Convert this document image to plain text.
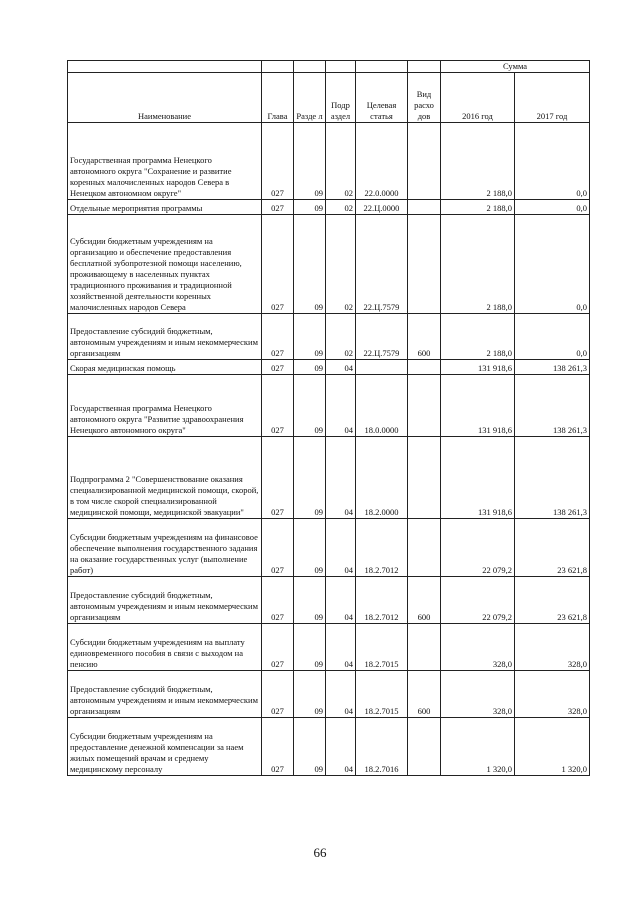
						Сумма	
Наименование	Глава	Разде л	Подр аздел	Целевая статья	Вид расхо дов	2016 год	2017 год
Государственная программа Ненецкого автономного округа "Сохранение и развитие коренных малочисленных народов Севера в Ненецком автономном округе"	027	09	02	22.0.0000		2 188,0	0,0
Отдельные мероприятия программы	027	09	02	22.Ц.0000		2 188,0	0,0
Субсидии бюджетным учреждениям на организацию и обеспечение предоставления бесплатной зубопротезной помощи населению, проживающему в населенных пунктах традиционного проживания и традиционной хозяйственной деятельности коренных малочисленных народов Севера	027	09	02	22.Ц.7579		2 188,0	0,0
Предоставление субсидий бюджетным, автономным учреждениям и иным некоммерческим организациям	027	09	02	22.Ц.7579	600	2 188,0	0,0
Скорая медицинская помощь	027	09	04			131 918,6	138 261,3
Государственная программа Ненецкого автономного округа "Развитие здравоохранения Ненецкого автономного округа"	027	09	04	18.0.0000		131 918,6	138 261,3
Подпрограмма 2 "Совершенствование оказания специализированной медицинской помощи, скорой, в том числе скорой специализированной медицинской помощи, медицинской эвакуации"	027	09	04	18.2.0000		131 918,6	138 261,3
Субсидии бюджетным учреждениям на финансовое обеспечение выполнения государственного задания на оказание государственных услуг (выполнение работ)	027	09	04	18.2.7012		22 079,2	23 621,8
Предоставление субсидий бюджетным, автономным учреждениям и иным некоммерческим организациям	027	09	04	18.2.7012	600	22 079,2	23 621,8
Субсидии бюджетным учреждениям на выплату единовременного пособия в связи с выходом на пенсию	027	09	04	18.2.7015		328,0	328,0
Предоставление субсидий бюджетным, автономным учреждениям и иным некоммерческим организациям	027	09	04	18.2.7015	600	328,0	328,0
Субсидии бюджетным учреждениям на предоставление денежной компенсации за наем жилых помещений врачам и среднему медицинскому персоналу	027	09	04	18.2.7016		1 320,0	1 320,0
66
